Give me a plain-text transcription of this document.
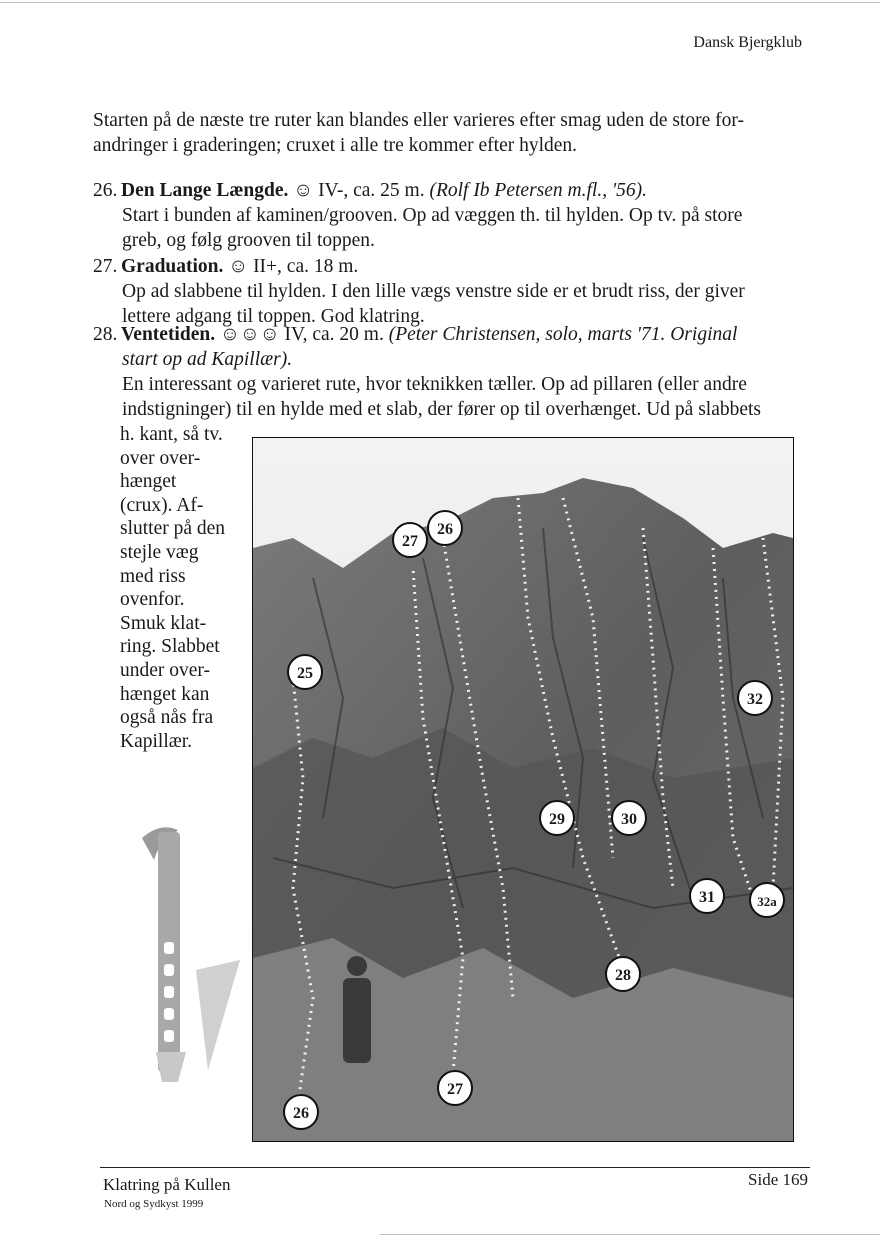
Dansk Bjergklub
Starten på de næste tre ruter kan blandes eller varieres efter smag uden de store for-
andringer i graderingen; cruxet i alle tre kommer efter hylden.
26. Den Lange Længde. ☺ IV-, ca. 25 m. (Rolf Ib Petersen m.fl., '56).
Start i bunden af kaminen/grooven. Op ad væggen th. til hylden. Op tv. på store
greb, og følg grooven til toppen.
27. Graduation. ☺ II+, ca. 18 m.
Op ad slabbene til hylden. I den lille vægs venstre side er et brudt riss, der giver
lettere adgang til toppen. God klatring.
28. Ventetiden. ☺☺☺ IV, ca. 20 m. (Peter Christensen, solo, marts '71. Original
start op ad Kapillær).
En interessant og varieret rute, hvor teknikken tæller. Op ad pillaren (eller andre
indstigninger) til en hylde med et slab, der fører op til overhænget. Ud på slabbets
h. kant, så tv.
over over-
hænget
(crux). Af-
slutter på den
stejle væg
med riss
ovenfor.
Smuk klat-
ring. Slabbet
under over-
hænget kan
også nås fra
Kapillær.
27
26
25
32
29	30
31	32a
28
27
26
Klatring på Kullen
Nord og Sydkyst 1999
Side 169
